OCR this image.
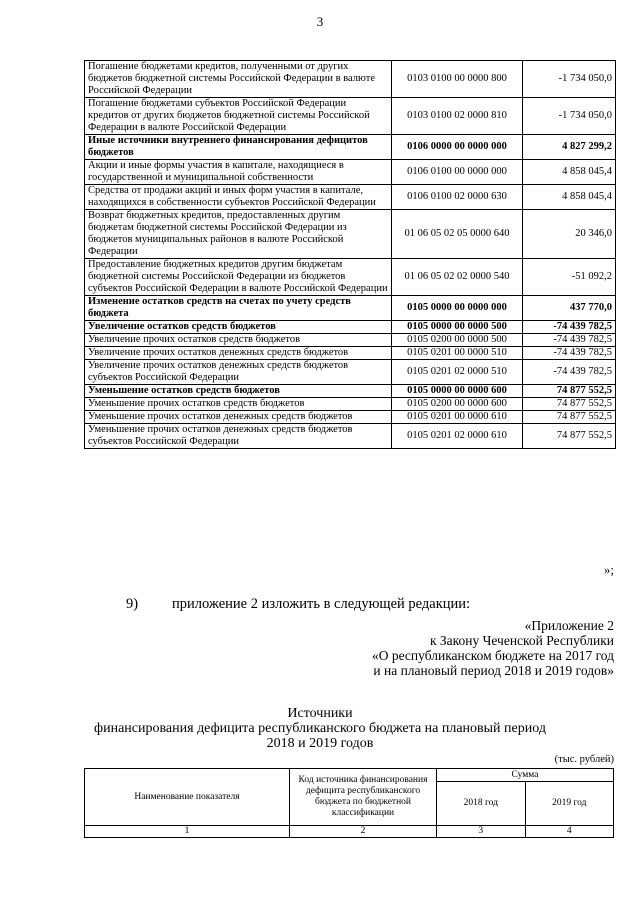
3
Погашение бюджетами кредитов, полученными от других бюджетов бюджетной системы Российской Федерации в валюте Российской Федерации	0103 0100 00 0000 800	-1 734 050,0
Погашение бюджетами субъектов Российской Федерации кредитов от других бюджетов бюджетной системы Российской Федерации в валюте Российской Федерации	0103 0100 02 0000 810	-1 734 050,0
Иные источники внутреннего финансирования дефицитов бюджетов	0106 0000 00 0000 000	4 827 299,2
Акции и иные формы участия в капитале, находящиеся в государственной и муниципальной собственности	0106 0100 00 0000 000	4 858 045,4
Средства от продажи акций и иных форм участия в капитале, находящихся в собственности субъектов Российской Федерации	0106 0100 02 0000 630	4 858 045,4
Возврат бюджетных кредитов, предоставленных другим бюджетам бюджетной системы Российской Федерации из бюджетов муниципальных районов в валюте Российской Федерации	01 06 05 02 05 0000 640	20 346,0
Предоставление бюджетных кредитов другим бюджетам бюджетной системы Российской Федерации из бюджетов субъектов Российской Федерации в валюте Российской Федерации	01 06 05 02 02 0000 540	-51 092,2
Изменение остатков средств на счетах по учету средств бюджета	0105 0000 00 0000 000	437 770,0
Увеличение остатков средств бюджетов	0105 0000 00 0000 500	-74 439 782,5
Увеличение прочих остатков средств бюджетов	0105 0200 00 0000 500	-74 439 782,5
Увеличение прочих остатков денежных средств бюджетов	0105 0201 00 0000 510	-74 439 782,5
Увеличение прочих остатков денежных средств бюджетов субъектов Российской Федерации	0105 0201 02 0000 510	-74 439 782,5
Уменьшение остатков средств бюджетов	0105 0000 00 0000 600	74 877 552,5
Уменьшение прочих остатков средств бюджетов	0105 0200 00 0000 600	74 877 552,5
Уменьшение прочих остатков денежных средств бюджетов	0105 0201 00 0000 610	74 877 552,5
Уменьшение прочих остатков денежных средств бюджетов субъектов Российской Федерации	0105 0201 02 0000 610	74 877 552,5
»;
9) приложение 2 изложить в следующей редакции:
«Приложение 2
к Закону Чеченской Республики
«О республиканском бюджете на 2017 год
и на плановый период 2018 и 2019 годов»
Источники
финансирования дефицита республиканского бюджета на плановый период
2018 и 2019 годов
(тыс. рублей)
Наименование показателя	Код источника финансирования дефицита республиканского бюджета по бюджетной классификации	Сумма	
		2018 год	2019 год
1	2	3	4
